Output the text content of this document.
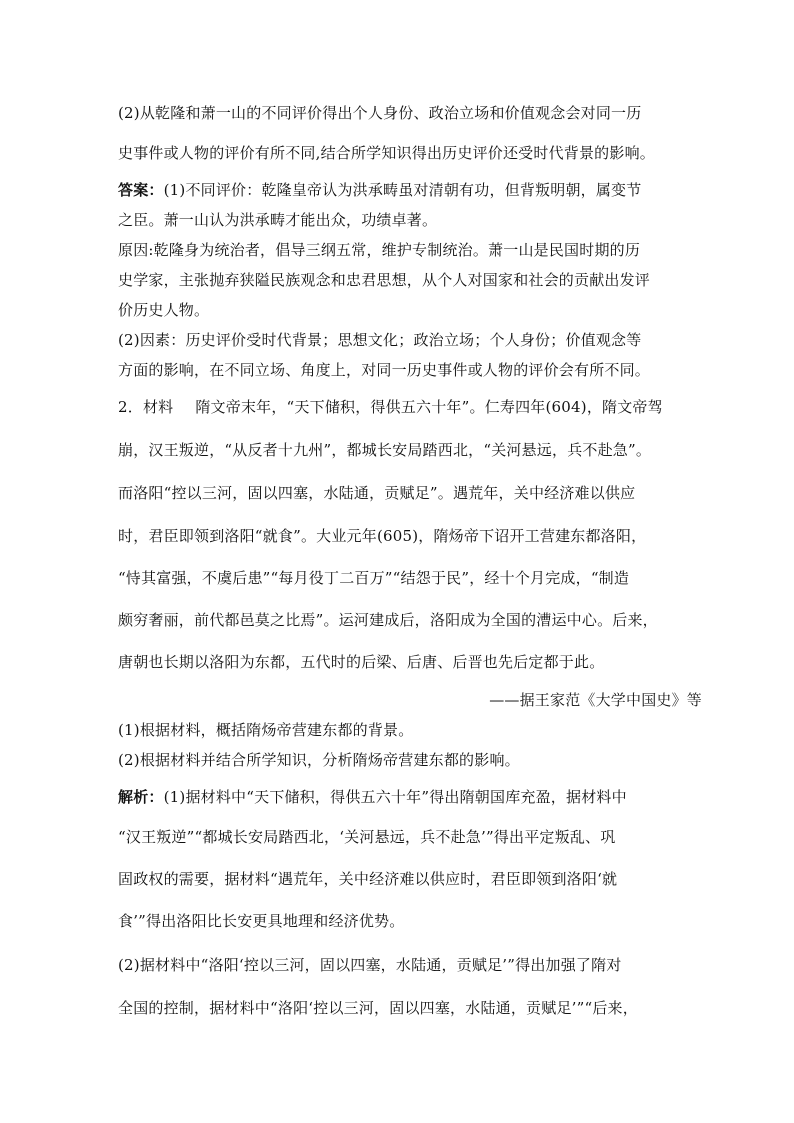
(2)从乾隆和萧一山的不同评价得出个人身份、政治立场和价值观念会对同一历
史事件或人物的评价有所不同,结合所学知识得出历史评价还受时代背景的影响。
答案：(1)不同评价：乾隆皇帝认为洪承畴虽对清朝有功，但背叛明朝，属变节
之臣。萧一山认为洪承畴才能出众，功绩卓著。
原因:乾隆身为统治者，倡导三纲五常，维护专制统治。萧一山是民国时期的历
史学家，主张抛弃狭隘民族观念和忠君思想，从个人对国家和社会的贡献出发评
价历史人物。
(2)因素：历史评价受时代背景；思想文化；政治立场；个人身份；价值观念等
方面的影响，在不同立场、角度上，对同一历史事件或人物的评价会有所不同。
2．材料 隋文帝末年，“天下储积，得供五六十年”。仁寿四年(604)，隋文帝驾
崩，汉王叛逆，“从反者十九州”，都城长安局踏西北，“关河悬远，兵不赴急”。
而洛阳“控以三河，固以四塞，水陆通，贡赋足”。遇荒年，关中经济难以供应
时，君臣即领到洛阳“就食”。大业元年(605)，隋炀帝下诏开工营建东都洛阳，
“恃其富强，不虞后患”“每月役丁二百万”“结怨于民”，经十个月完成，“制造
颇穷奢丽，前代都邑莫之比焉”。运河建成后，洛阳成为全国的漕运中心。后来，
唐朝也长期以洛阳为东都，五代时的后梁、后唐、后晋也先后定都于此。
——据王家范《大学中国史》等
(1)根据材料，概括隋炀帝营建东都的背景。
(2)根据材料并结合所学知识，分析隋炀帝营建东都的影响。
解析：(1)据材料中“天下储积，得供五六十年”得出隋朝国库充盈，据材料中
“汉王叛逆”“都城长安局踏西北，‘关河悬远，兵不赴急’”得出平定叛乱、巩
固政权的需要，据材料“遇荒年，关中经济难以供应时，君臣即领到洛阳‘就
食’”得出洛阳比长安更具地理和经济优势。
(2)据材料中“洛阳‘控以三河，固以四塞，水陆通，贡赋足’”得出加强了隋对
全国的控制，据材料中“洛阳‘控以三河，固以四塞，水陆通，贡赋足’”“后来，
